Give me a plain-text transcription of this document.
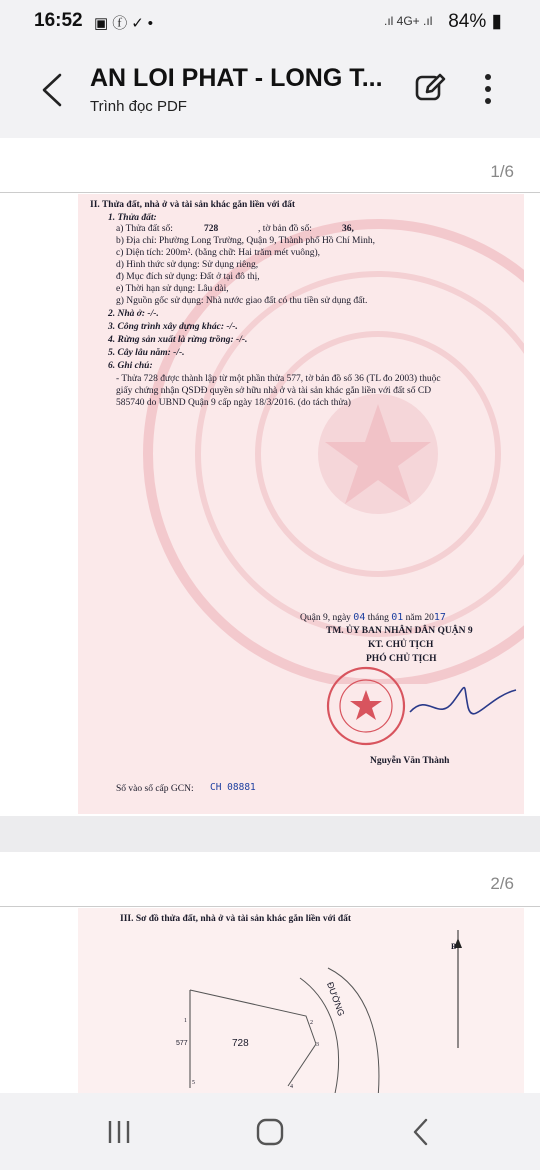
16:52 ▣ⓕ✓•	.ıl 4G+ .ıl 84% ▮
AN LOI PHAT - LONG T...
Trình đọc PDF
1/6
II. Thửa đất, nhà ở và tài sản khác gắn liền với đất
1. Thửa đất:
a) Thửa đất số:	728	, tờ bản đồ số:	36,
b) Địa chỉ: Phường Long Trường, Quận 9, Thành phố Hồ Chí Minh,
c) Diện tích: 200m². (bằng chữ: Hai trăm mét vuông),
d) Hình thức sử dụng: Sử dụng riêng,
đ) Mục đích sử dụng: Đất ở tại đô thị,
e) Thời hạn sử dụng: Lâu dài,
g) Nguồn gốc sử dụng: Nhà nước giao đất có thu tiền sử dụng đất.
2. Nhà ở: -/-.
3. Công trình xây dựng khác: -/-.
4. Rừng sản xuất là rừng trồng: -/-.
5. Cây lâu năm: -/-.
6. Ghi chú:
- Thửa 728 được thành lập từ một phần thửa 577, tờ bản đồ số 36 (TL đo 2003) thuộc
giấy chứng nhận QSDĐ quyền sở hữu nhà ở và tài sản khác gắn liền với đất số CD
585740 do UBND Quận 9 cấp ngày 18/3/2016. (do tách thửa)
Quận 9, ngày 04 tháng 01 năm 2017
TM. ỦY BAN NHÂN DÂN QUẬN 9
KT. CHỦ TỊCH
PHÓ CHỦ TỊCH
Nguyễn Văn Thành
Số vào sổ cấp GCN: CH 08881
2/6
III. Sơ đồ thửa đất, nhà ở và tài sản khác gắn liền với đất
B
ĐƯỜNG
728
577
1	2
3
4
5
